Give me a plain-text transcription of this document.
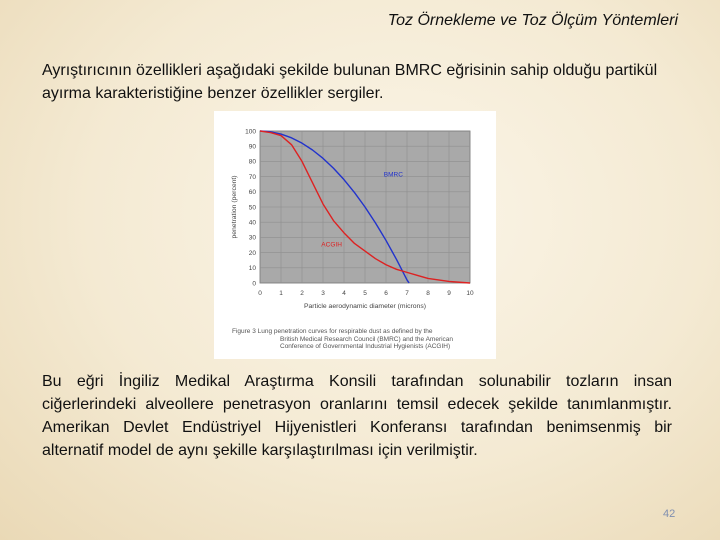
Toz Örnekleme ve Toz Ölçüm Yöntemleri
Ayrıştırıcının özellikleri aşağıdaki şekilde bulunan BMRC eğrisinin sahip olduğu partikül ayırma karakteristiğine benzer özellikler sergiler.
0	1	2	3	4	5	6	7	8	9 10
0
10
20
30
40
50
60
70
80
90
100
Particle aerodynamic diameter (microns)
penetration (percent)
BMRC
ACGIH
Figure 3 Lung penetration curves for respirable dust as defined by the
British Medical Research Council (BMRC) and the American
Conference of Governmental Industrial Hygienists (ACGIH)
Bu eğri İngiliz Medikal Araştırma Konsili tarafından solunabilir tozların insan ciğerlerindeki alveollere penetrasyon oranlarını temsil edecek şekilde tanımlanmıştır. Amerikan Devlet Endüstriyel Hijyenistleri Konferansı tarafından benimsenmiş bir alternatif model de aynı şekille karşılaştırılması için verilmiştir.
42
